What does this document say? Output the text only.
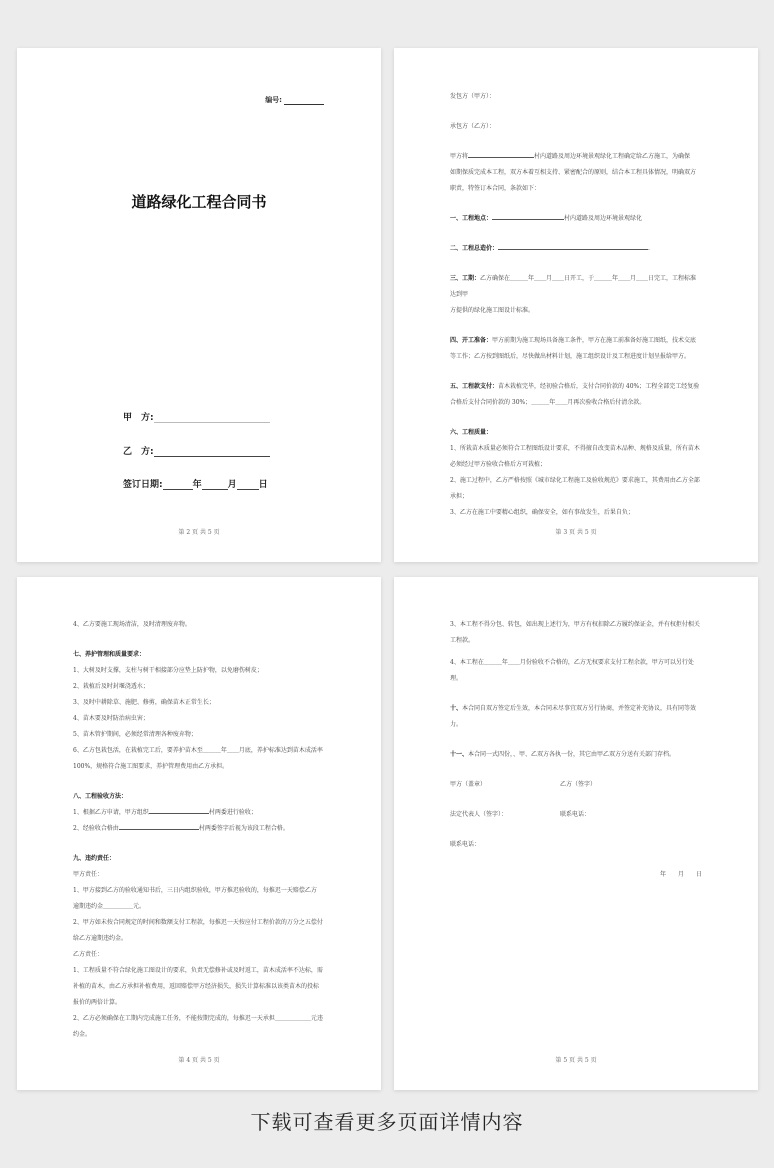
编号:
道路绿化工程合同书
甲　方:
乙　方:
签订日期:	年	月 日
第 2 页 共 5 页

发包方（甲方）：

承包方（乙方）：

甲方将	村内道路及周边环境景观绿化工程确定给乙方施工，为确保

如期保质完成本工程，双方本着互相支持、紧密配合的原则，结合本工程具体情况，明确双方

职责，特签订本合同，条款如下：

一、工程地点：	村内道路及周边环境景观绿化

二、工程总造价：	.

三、工期：乙方确保在＿＿＿年＿＿月＿＿日开工，于＿＿＿年＿＿月＿＿日完工，工程标准达到甲

方提供的绿化施工图设计标准。

四、开工准备：甲方前期为施工现场具备施工条件，甲方在施工前准备好施工图纸，技术交底

等工作；乙方按到图纸后，尽快做出材料计划，施工组织设计及工程进度计划呈报给甲方。

五、工程款支付：苗木栽植完毕，经初验合格后，支付合同价款的 40%；工程全部完工经复验

合格后支付合同价款的 30%；＿＿＿年＿＿月再次验收合格后付清余款。

六、工程质量：

1、所栽苗木质量必须符合工程图纸设计要求，不得擅自改变苗木品种、规格及质量，所有苗木

必须经过甲方验收合格后方可栽植；

2、施工过程中，乙方严格按照《城市绿化工程施工及验收规范》要求施工，其费用由乙方全部

承担；

3、乙方在施工中要精心组织，确保安全，如有事故发生，后果自负；

第 3 页 共 5 页

4、乙方要施工现场清洁，及时清理废弃物。

七、养护管理和质量要求：

1、大树及时支撑，支柱与树干相接部分应垫上防护物，以免磨伤树皮；

2、栽植后及时封堰浇透水；

3、及时中耕除草、施肥、修剪，确保苗木正常生长；

4、苗木要及时防治病虫害；

5、苗木管护期间，必须经常清理各种废弃物；

6、乙方包栽包活，在栽植完工后，要养护苗木至＿＿＿年＿＿月底，养护标准达到苗木成活率

100%，规格符合施工图要求，养护管理费用由乙方承担。

八、工程验收方法：

1、根据乙方申请，甲方组织	村两委进行验收；

2、经验收合格由	村两委签字后视为该段工程合格。

九、违约责任：

甲方责任：

1、甲方接到乙方的验收通知书后，三日内组织验收，甲方推迟验收的，每推迟一天赔偿乙方

逾期违约金＿＿＿＿＿元。

2、甲方如未按合同规定的时间和数额支付工程款，每推迟一天按应付工程价款的万分之五偿付

给乙方逾期违约金。

乙方责任：

1、工程质量不符合绿化施工图设计的要求，负责无偿修补或及时返工，苗木成活率不达标，需

补植的苗木，由乙方承担补植费用，返回赔偿甲方经济损失，损失计算标准以该类苗木的投标

报价的两倍计算。

2、乙方必须确保在工期内完成施工任务，不能按期完成的，每推迟一天承担＿＿＿＿＿＿元违

约金。

第 4 页 共 5 页

3、本工程不得分包、转包，如出现上述行为，甲方有权扣除乙方履约保证金，并有权拒付相关

工程款。

4、本工程在＿＿＿年＿＿月份验收不合格的，乙方无权要求支付工程余款，甲方可以另行处理。

十、本合同自双方签定后生效，本合同未尽事宜双方另行协商，并签定补充协议，具有同等效

力。

十一、本合同一式四份，、甲、乙双方各执一份，其它由甲乙双方分送有关部门存档。

甲方（盖章）	乙方（签字）

法定代表人（签字）：	联系电话：

联系电话：

年　　月　　日

第 5 页 共 5 页
下载可查看更多页面详情内容
